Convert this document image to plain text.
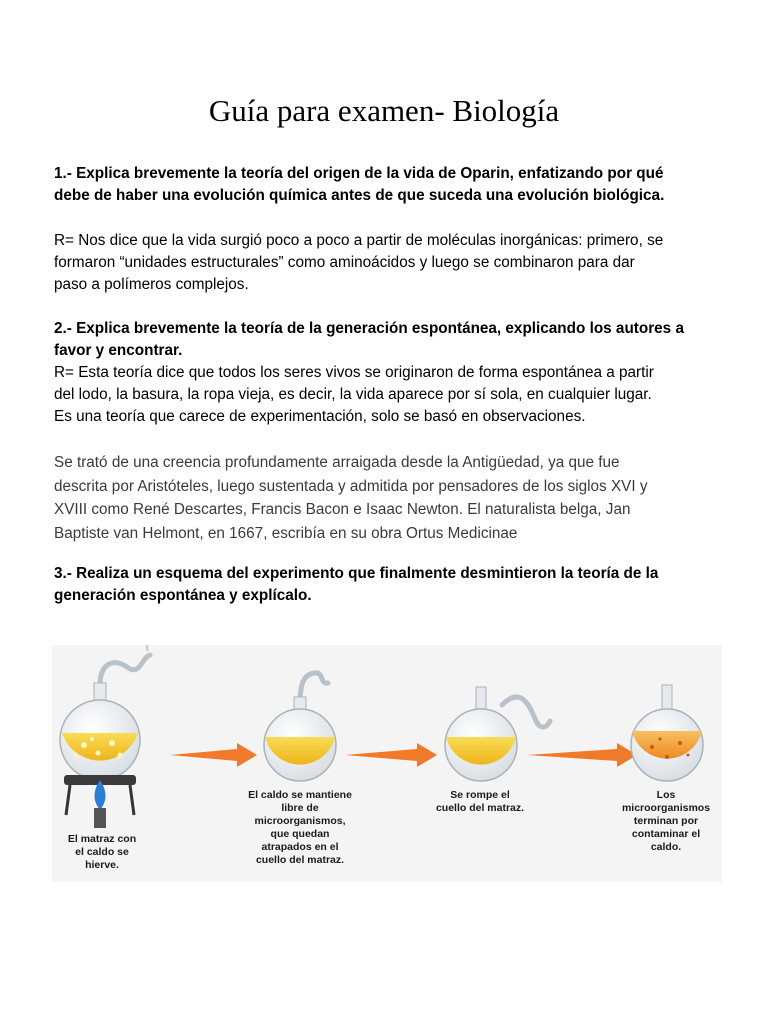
Guía para examen- Biología
1.- Explica brevemente la teoría del origen de la vida de Oparin, enfatizando por qué
debe de haber una evolución química antes de que suceda una evolución biológica.
R= Nos dice que la vida surgió poco a poco a partir de moléculas inorgánicas: primero, se
formaron “unidades estructurales” como aminoácidos y luego se combinaron para dar
paso a polímeros complejos.
2.- Explica brevemente la teoría de la generación espontánea, explicando los autores a
favor y encontrar.
R= Esta teoría dice que todos los seres vivos se originaron de forma espontánea a partir
del lodo, la basura, la ropa vieja, es decir, la vida aparece por sí sola, en cualquier lugar.
Es una teoría que carece de experimentación, solo se basó en observaciones.
Se trató de una creencia profundamente arraigada desde la Antigüedad, ya que fue
descrita por Aristóteles, luego sustentada y admitida por pensadores de los siglos XVI y
XVIII como René Descartes, Francis Bacon e Isaac Newton. El naturalista belga, Jan
Baptiste van Helmont, en 1667, escribía en su obra Ortus Medicinae
3.- Realiza un esquema del experimento que finalmente desmintieron la teoría de la
generación espontánea y explícalo.
El matraz con
el caldo se
hierve.
El caldo se mantiene
libre de
microorganismos,
que quedan
atrapados en el
cuello del matraz.
Se rompe el
cuello del matraz.
Los
microorganismos
terminan por
contaminar el
caldo.
